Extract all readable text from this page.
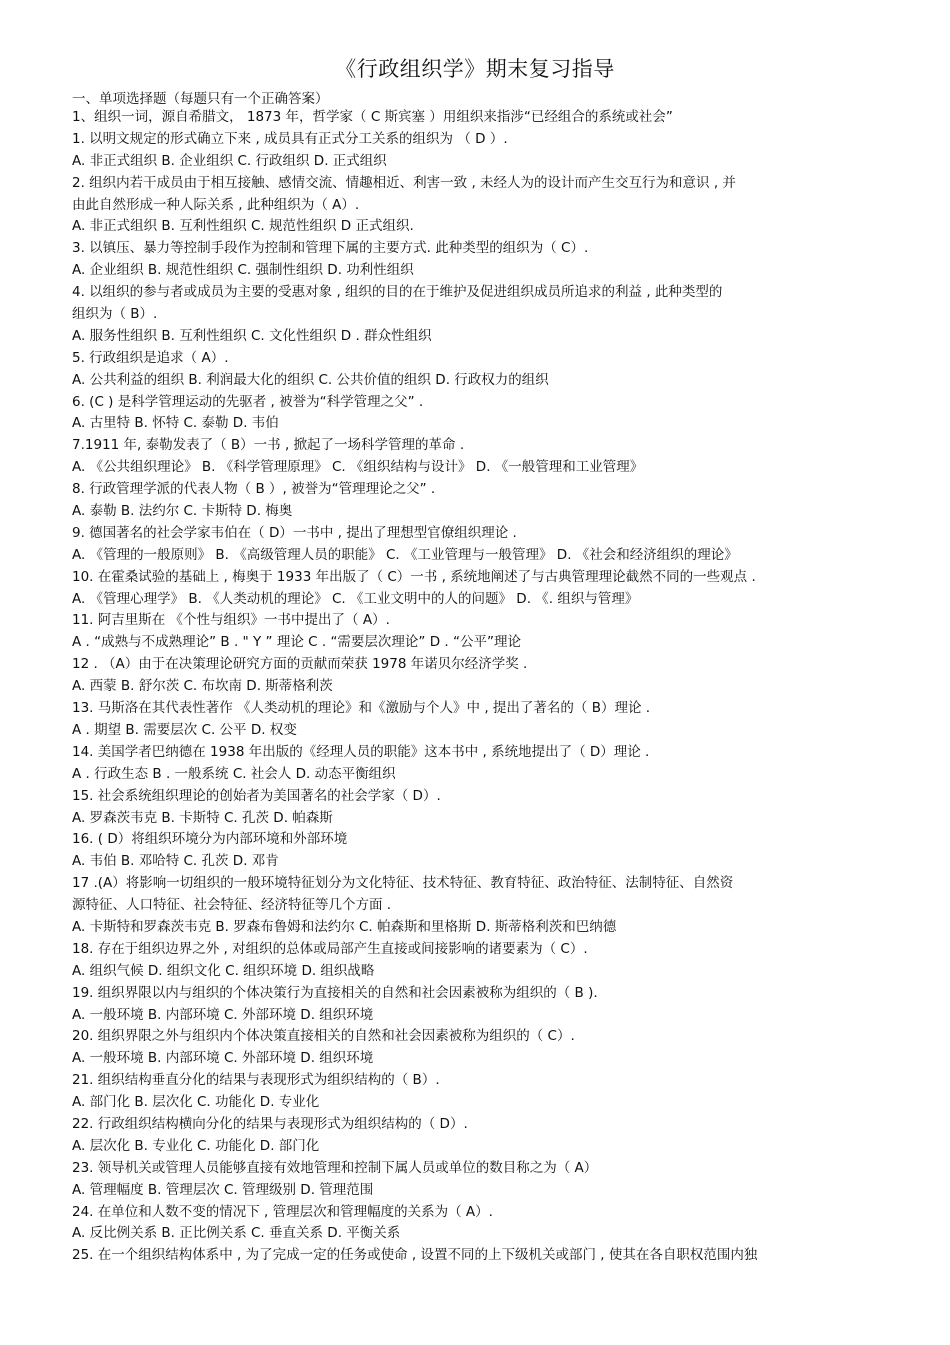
《行政组织学》期末复习指导
一、单项选择题（每题只有一个正确答案）
1、组织一词，源自希腊文， 1873 年，哲学家（ C 斯宾塞 ）用组织来指涉“已经组合的系统或社会”
1. 以明文规定的形式确立下来 , 成员具有正式分工关系的组织为 （ D ）.
A. 非正式组织 B. 企业组织 C. 行政组织 D. 正式组织
2. 组织内若干成员由于相互接触、感情交流、情趣相近、利害一致 , 未经人为的设计而产生交互行为和意识 , 并
由此自然形成一种人际关系 , 此种组织为（ A）.
A. 非正式组织 B. 互利性组织 C. 规范性组织 D 正式组织.
3. 以镇压、暴力等控制手段作为控制和管理下属的主要方式. 此种类型的组织为（ C）.
A. 企业组织 B. 规范性组织 C. 强制性组织 D. 功利性组织
4. 以组织的参与者或成员为主要的受惠对象 , 组织的目的在于维护及促进组织成员所追求的利益 , 此种类型的
组织为（ B）.
A. 服务性组织 B. 互利性组织 C. 文化性组织 D . 群众性组织
5. 行政组织是追求（ A）.
A. 公共利益的组织 B. 利润最大化的组织 C. 公共价值的组织 D. 行政权力的组织
6. (C ) 是科学管理运动的先驱者 , 被誉为“科学管理之父” .
A. 古里特 B. 怀特 C. 泰勒 D. 韦伯
7.1911 年, 泰勒发表了（ B）一书 , 掀起了一场科学管理的革命 .
A. 《公共组织理论》 B. 《科学管理原理》 C. 《组织结构与设计》 D. 《一般管理和工业管理》
8. 行政管理学派的代表人物（ B ）, 被誉为“管理理论之父” .
A. 泰勒 B. 法约尔 C. 卡斯特 D. 梅奥
9. 德国著名的社会学家韦伯在（ D）一书中 , 提出了理想型官僚组织理论 .
A. 《管理的一般原则》 B. 《高级管理人员的职能》 C. 《工业管理与一般管理》 D. 《社会和经济组织的理论》
10. 在霍桑试验的基础上 , 梅奥于 1933 年出版了（ C）一书 , 系统地阐述了与古典管理理论截然不同的一些观点 .
A. 《管理心理学》 B. 《人类动机的理论》 C. 《工业文明中的人的问题》 D. 《. 组织与管理》
11. 阿吉里斯在 《个性与组织》一书中提出了（ A）.
A . “成熟与不成熟理论” B . " Y ” 理论 C . “需要层次理论” D . “公平”理论
12 . （A）由于在决策理论研究方面的贡献而荣获 1978 年诺贝尔经济学奖 .
A. 西蒙 B. 舒尔茨 C. 布坎南 D. 斯蒂格利茨
13. 马斯洛在其代表性著作 《人类动机的理论》和《激励与个人》中 , 提出了著名的（ B）理论 .
A . 期望 B. 需要层次 C. 公平 D. 权变
14. 美国学者巴纳德在 1938 年出版的《经理人员的职能》这本书中 , 系统地提出了（ D）理论 .
A . 行政生态 B . 一般系统 C. 社会人 D. 动态平衡组织
15. 社会系统组织理论的创始者为美国著名的社会学家（ D）.
A. 罗森茨韦克 B. 卡斯特 C. 孔茨 D. 帕森斯
16. ( D）将组织环境分为内部环境和外部环境
A. 韦伯 B. 邓哈特 C. 孔茨 D. 邓肯
17 .(A）将影响一切组织的一般环境特征划分为文化特征、技术特征、教育特征、政治特征、法制特征、自然资
源特征、人口特征、社会特征、经济特征等几个方面 .
A. 卡斯特和罗森茨韦克 B. 罗森布鲁姆和法约尔 C. 帕森斯和里格斯 D. 斯蒂格利茨和巴纳德
18. 存在于组织边界之外 , 对组织的总体或局部产生直接或间接影响的诸要素为（ C）.
A. 组织气候 D. 组织文化 C. 组织环境 D. 组织战略
19. 组织界限以内与组织的个体决策行为直接相关的自然和社会因素被称为组织的（ B ).
A. 一般环境 B. 内部环境 C. 外部环境 D. 组织环境
20. 组织界限之外与组织内个体决策直接相关的自然和社会因素被称为组织的（ C）.
A. 一般环境 B. 内部环境 C. 外部环境 D. 组织环境
21. 组织结构垂直分化的结果与表现形式为组织结构的（ B）.
A. 部门化 B. 层次化 C. 功能化 D. 专业化
22. 行政组织结构横向分化的结果与表现形式为组织结构的（ D）.
A. 层次化 B. 专业化 C. 功能化 D. 部门化
23. 领导机关或管理人员能够直接有效地管理和控制下属人员或单位的数目称之为（ A）
A. 管理幅度 B. 管理层次 C. 管理级别 D. 管理范围
24. 在单位和人数不变的情况下 , 管理层次和管理幅度的关系为（ A）.
A. 反比例关系 B. 正比例关系 C. 垂直关系 D. 平衡关系
25. 在一个组织结构体系中 , 为了完成一定的任务或使命 , 设置不同的上下级机关或部门 , 使其在各自职权范围内独
